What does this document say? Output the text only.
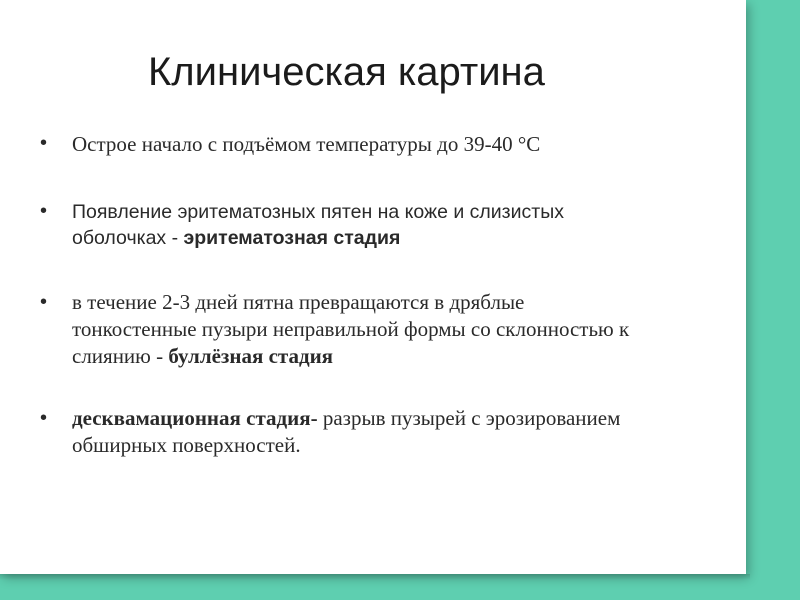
Клиническая картина
• Острое начало с подъёмом температуры до 39-40 °С

• Появление эритематозных пятен на коже и слизистых оболочках - эритематозная стадия

• в течение 2-3 дней пятна превращаются в дряблые тонкостенные пузыри неправильной формы со склонностью к слиянию - буллёзная стадия

• десквамационная стадия- разрыв пузырей с эрозированием обширных поверхностей.
